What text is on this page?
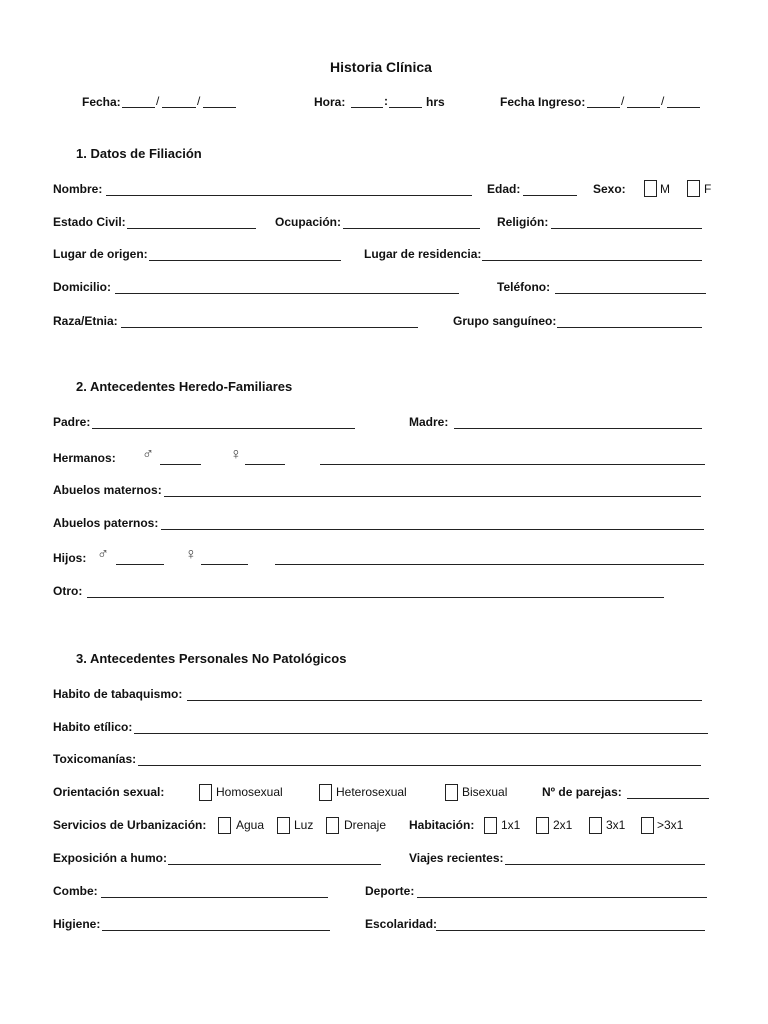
Historia Clínica
Fecha:	/	/	Hora:	:	hrs	Fecha Ingreso:	/	/
1. Datos de Filiación
Nombre:	Edad:	Sexo:	M	F
Estado Civil:	Ocupación:	Religión:
Lugar de origen:	Lugar de residencia:
Domicilio:	Teléfono:
Raza/Etnia:	Grupo sanguíneo:
2. Antecedentes Heredo-Familiares
Padre:	Madre:
Hermanos: ♂	♀
Abuelos maternos:
Abuelos paternos:
Hijos: ♂	♀
Otro:
3. Antecedentes Personales No Patológicos
Habito de tabaquismo:
Habito etílico:
Toxicomanías:
Orientación sexual:	Homosexual	Heterosexual	Bisexual	Nº de parejas:
Servicios de Urbanización: Agua Luz	Drenaje Habitación: 1x1	2x1	3x1	>3x1
Exposición a humo:	Viajes recientes:
Combe:	Deporte:
Higiene:	Escolaridad:
